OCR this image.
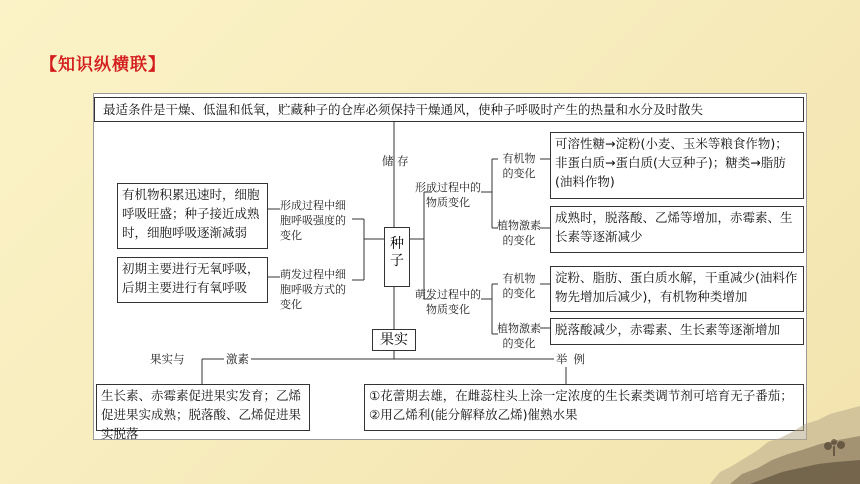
【知识纵横联】
最适条件是干燥、低温和低氧，贮藏种子的仓库必须保持干燥通风，使种子呼吸时产生的热量和水分及时散失
储 存
有机物积累迅速时，细胞呼吸旺盛；种子接近成熟时，细胞呼吸逐渐减弱
形成过程中细胞呼吸强度的变化
初期主要进行无氧呼吸，后期主要进行有氧呼吸
萌发过程中细胞呼吸方式的变化
种子
形成过程中的物质变化
萌发过程中的物质变化
有机物的变化
植物激素的变化
有机物的变化
植物激素的变化
可溶性糖→淀粉(小麦、玉米等粮食作物)；非蛋白质→蛋白质(大豆种子)；糖类→脂肪(油料作物)
成熟时，脱落酸、乙烯等增加，赤霉素、生长素等逐渐减少
淀粉、脂肪、蛋白质水解，干重减少(油料作物先增加后减少)，有机物种类增加
脱落酸减少，赤霉素、生长素等逐渐增加
果实
果实与	激素	举例
生长素、赤霉素促进果实发育；乙烯促进果实成熟；脱落酸、乙烯促进果实脱落
①花蕾期去雄，在雌蕊柱头上涂一定浓度的生长素类调节剂可培育无子番茄；②用乙烯利(能分解释放乙烯)催熟水果
